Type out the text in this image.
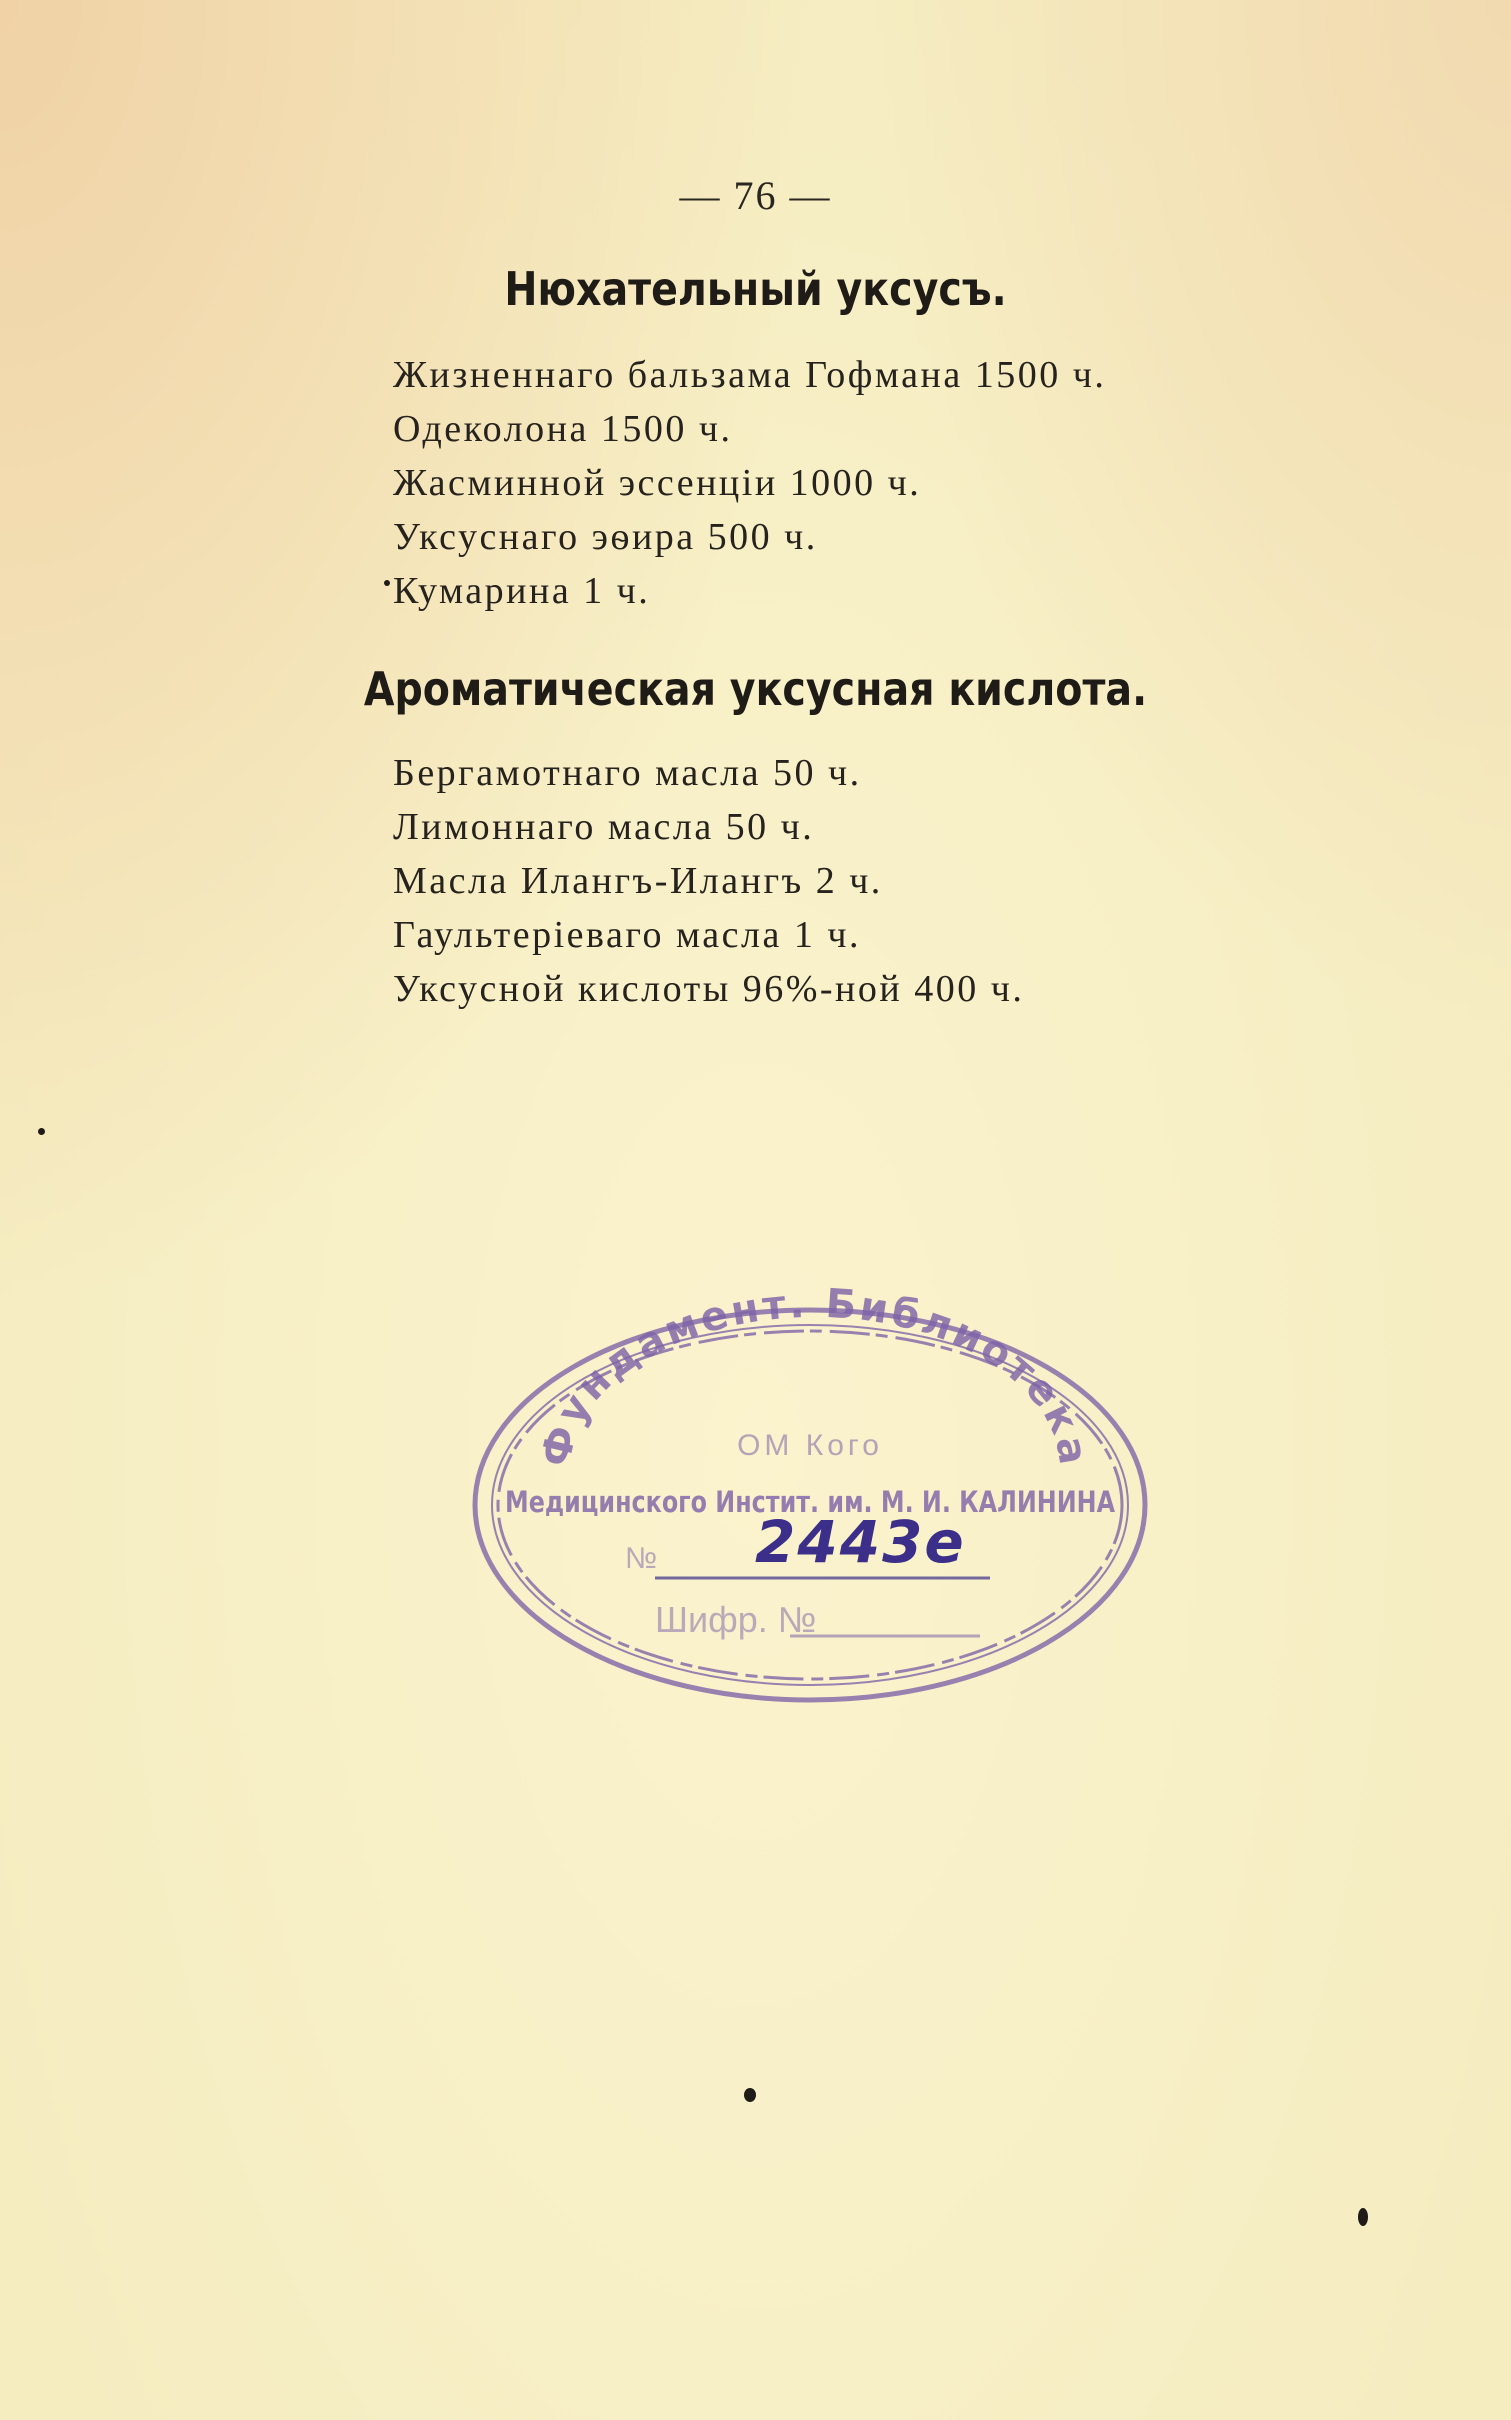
— 76 —
Нюхательный уксусъ.
Жизненнаго бальзама Гофмана 1500 ч.
Одеколона 1500 ч.
Жасминной эссенціи 1000 ч.
Уксуснаго эѳира 500 ч.
Кумарина 1 ч.
Ароматическая уксусная кислота.
Бергамотнаго масла 50 ч.
Лимоннаго масла 50 ч.
Масла Илангъ-Илангъ 2 ч.
Гаультеріеваго масла 1 ч.
Уксусной кислоты 96%-ной 400 ч.
Фундамент. Библиотека
ОМ Кого
Медицинского Инстит. им. М. И. КАЛИНИНА
№ 2443е
Шифр. №
